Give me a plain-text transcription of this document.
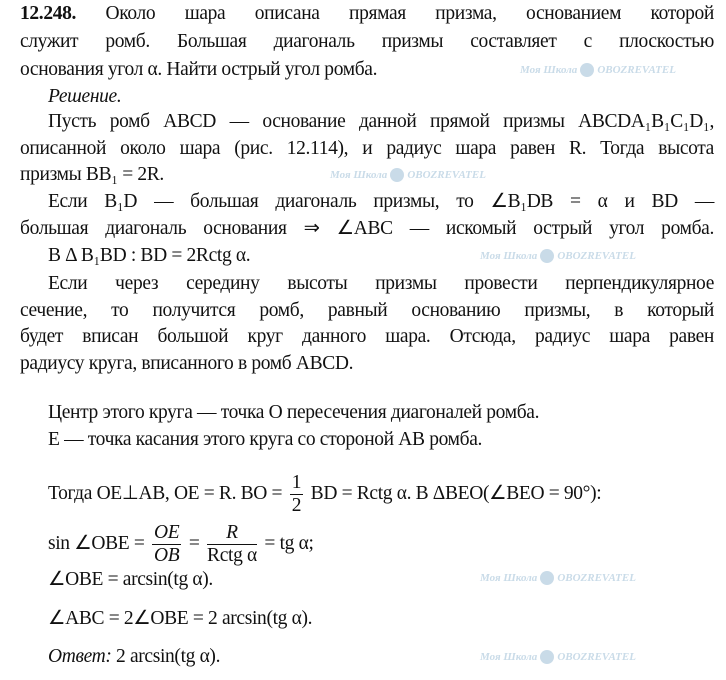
Моя Школа OBOZREVATEL
Моя Школа OBOZREVATEL
Моя Школа OBOZREVATEL
Моя Школа OBOZREVATEL
Моя Школа OBOZREVATEL
12.248. Около шара описана прямая призма, основанием которой
служит ромб. Большая диагональ призмы составляет с плоскостью
основания угол α. Найти острый угол ромба.
Решение.
Пусть ромб ABCD — основание данной прямой призмы ABCDA₁B₁C₁D₁,
описанной около шара (рис. 12.114), и радиус шара равен R. Тогда высота
призмы BB₁ = 2R.
Если B₁D — большая диагональ призмы, то ∠B₁DB = α и BD —
большая диагональ основания ⇒ ∠ABC — искомый острый угол ромба.
В Δ B₁BD : BD = 2Rctg α.
Если через середину высоты призмы провести перпендикулярное
сечение, то получится ромб, равный основанию призмы, в который
будет вписан большой круг данного шара. Отсюда, радиус шара равен
радиусу круга, вписанного в ромб ABCD.
Центр этого круга — точка O пересечения диагоналей ромба.
E — точка касания этого круга со стороной AB ромба.
Тогда OE⊥AB, OE = R. BO = $\frac{1}{2}$ BD = Rctg α. В ΔBEO(∠BEO = 90°):
sin ∠OBE = $\frac{OE}{OB} = \frac{R}{\text{Rctg α}}$ = tg α;
∠OBE = arcsin(tg α).
∠ABC = 2∠OBE = 2 arcsin(tg α).
Ответ: 2 arcsin(tg α).
